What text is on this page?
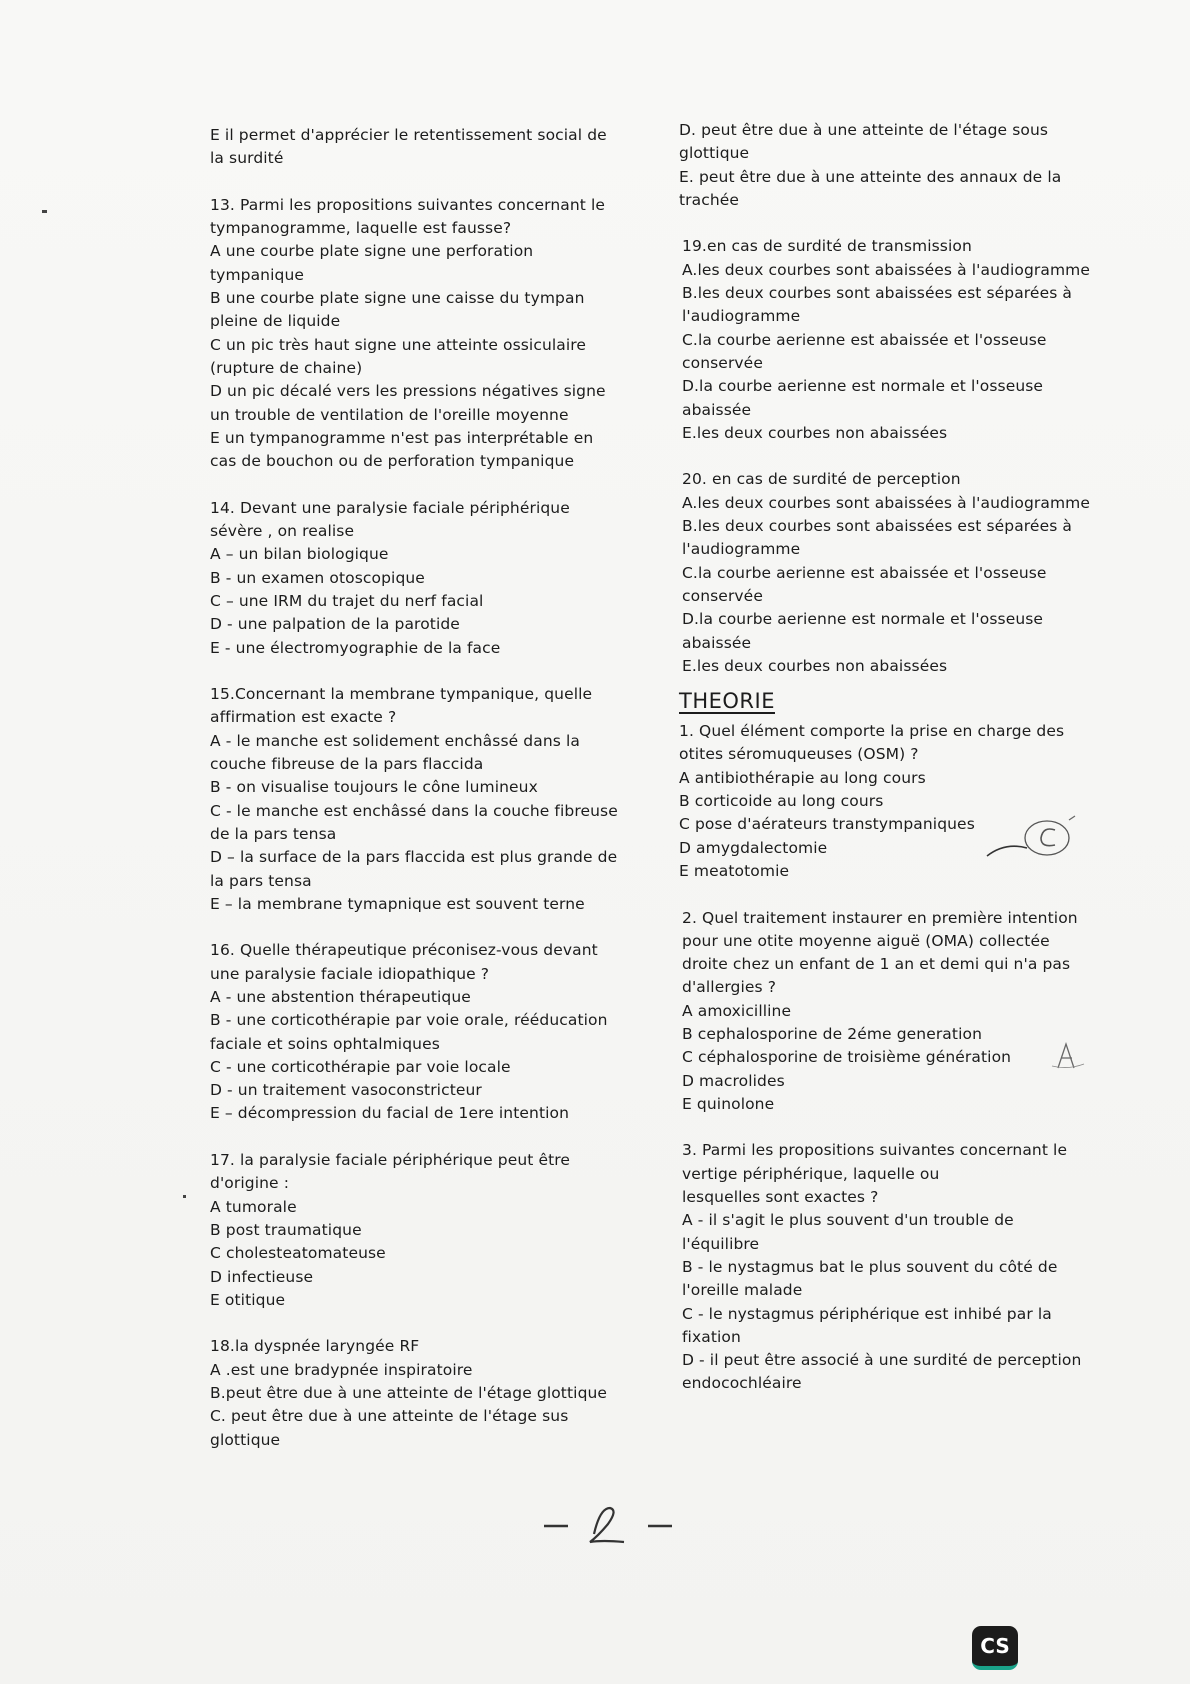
E il permet d'apprécier le retentissement social de
la surdité
13. Parmi les propositions suivantes concernant le
tympanogramme, laquelle est fausse?
A une courbe plate signe une perforation
tympanique
B une courbe plate signe une caisse du tympan
pleine de liquide
C un pic très haut signe une atteinte ossiculaire
(rupture de chaine)
D un pic décalé vers les pressions négatives signe
un trouble de ventilation de l'oreille moyenne
E un tympanogramme n'est pas interprétable en
cas de bouchon ou de perforation tympanique
14. Devant une paralysie faciale périphérique
sévère , on realise
A – un bilan biologique
B - un examen otoscopique
C – une IRM du trajet du nerf facial
D - une palpation de la parotide
E - une électromyographie de la face
15.Concernant la membrane tympanique, quelle
affirmation est exacte ?
A - le manche est solidement enchâssé dans la
couche fibreuse de la pars flaccida
B - on visualise toujours le cône lumineux
C - le manche est enchâssé dans la couche fibreuse
de la pars tensa
D – la surface de la pars flaccida est plus grande de
la pars tensa
E – la membrane tymapnique est souvent terne
16. Quelle thérapeutique préconisez-vous devant
une paralysie faciale idiopathique ?
A - une abstention thérapeutique
B - une corticothérapie par voie orale, rééducation
faciale et soins ophtalmiques
C - une corticothérapie par voie locale
D - un traitement vasoconstricteur
E – décompression du facial de 1ere intention
17. la paralysie faciale périphérique peut être
d'origine :
A tumorale
B post traumatique
C cholesteatomateuse
D infectieuse
E otitique
18.la dyspnée laryngée RF
A .est une bradypnée inspiratoire
B.peut être due à une atteinte de l'étage glottique
C. peut être due à une atteinte de l'étage sus
glottique
D. peut être due à une atteinte de l'étage sous
glottique
E. peut être due à une atteinte des annaux de la
trachée
19.en cas de surdité de transmission
A.les deux courbes sont abaissées à l'audiogramme
B.les deux courbes sont abaissées est séparées à
l'audiogramme
C.la courbe aerienne est abaissée et l'osseuse
conservée
D.la courbe aerienne est normale et l'osseuse
abaissée
E.les deux courbes non abaissées
20. en cas de surdité de perception
A.les deux courbes sont abaissées à l'audiogramme
B.les deux courbes sont abaissées est séparées à
l'audiogramme
C.la courbe aerienne est abaissée et l'osseuse
conservée
D.la courbe aerienne est normale et l'osseuse
abaissée
E.les deux courbes non abaissées
THEORIE
1. Quel élément comporte la prise en charge des
otites séromuqueuses (OSM) ?
A antibiothérapie au long cours
B corticoide au long cours
C pose d'aérateurs transtympaniques
D amygdalectomie
E meatotomie
2. Quel traitement instaurer en première intention
pour une otite moyenne aiguë (OMA) collectée
droite chez un enfant de 1 an et demi qui n'a pas
d'allergies ?
A amoxicilline
B cephalosporine de 2éme generation
C céphalosporine de troisième génération
D macrolides
E quinolone
3. Parmi les propositions suivantes concernant le
vertige périphérique, laquelle ou
lesquelles sont exactes ?
A - il s'agit le plus souvent d'un trouble de
l'équilibre
B - le nystagmus bat le plus souvent du côté de
l'oreille malade
C - le nystagmus périphérique est inhibé par la
fixation
D - il peut être associé à une surdité de perception
endocochléaire
CS
